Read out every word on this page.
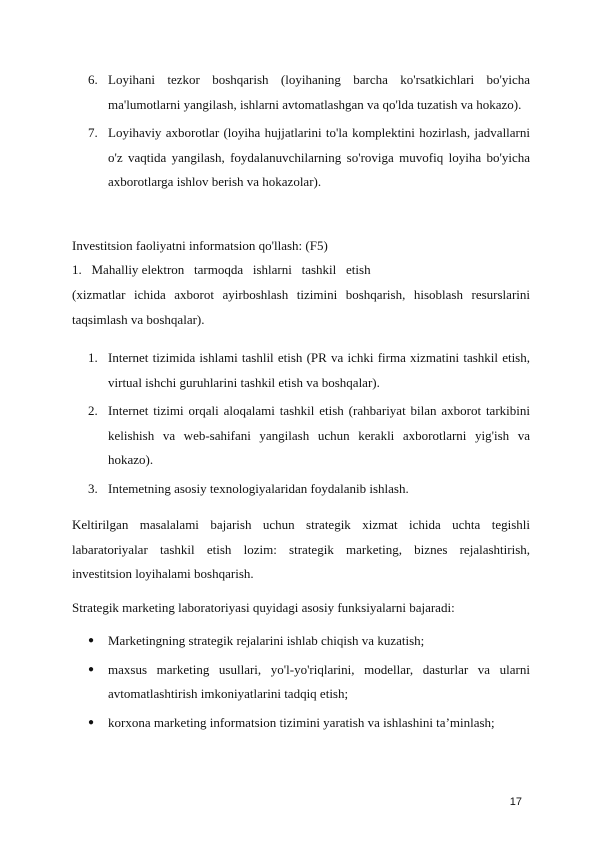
6. Loyihani tezkor boshqarish (loyihaning barcha ko'rsatkichlari bo'yicha ma'lumotlarni yangilash, ishlarni avtomatlashgan va qo'lda tuzatish va hokazo).
7. Loyihaviy axborotlar (loyiha hujjatlarini to'la komplektini hozirlash, jadvallarni o'z vaqtida yangilash, foydalanuvchilarning so'roviga muvofiq loyiha bo'yicha axborotlarga ishlov berish va hokazolar).
Investitsion faoliyatni informatsion qo'llash: (F5)
1.   Mahalliy elektron   tarmoqda   ishlarni   tashkil   etish
(xizmatlar ichida axborot ayirboshlash tizimini boshqarish, hisoblash resurslarini taqsimlash va boshqalar).
1. Internet tizimida ishlami tashlil etish (PR va ichki firma xizmatini tashkil etish, virtual ishchi guruhlarini tashkil etish va boshqalar).
2. Internet tizimi orqali aloqalami tashkil etish (rahbariyat bilan axborot tarkibini kelishish va web-sahifani yangilash uchun kerakli axborotlarni yig'ish va hokazo).
3. Intemetning asosiy texnologiyalaridan foydalanib ishlash.
Keltirilgan masalalami bajarish uchun strategik xizmat ichida uchta tegishli labaratoriyalar tashkil etish lozim: strategik marketing, biznes rejalashtirish, investitsion loyihalami boshqarish.
Strategik marketing laboratoriyasi quyidagi asosiy funksiyalarni bajaradi:
●	Marketingning strategik rejalarini ishlab chiqish va kuzatish;
●	maxsus marketing usullari, yo'l-yo'riqlarini, modellar, dasturlar va ularni avtomatlashtirish imkoniyatlarini tadqiq etish;
●	korxona marketing informatsion tizimini yaratish va ishlashini ta’minlash;
17
